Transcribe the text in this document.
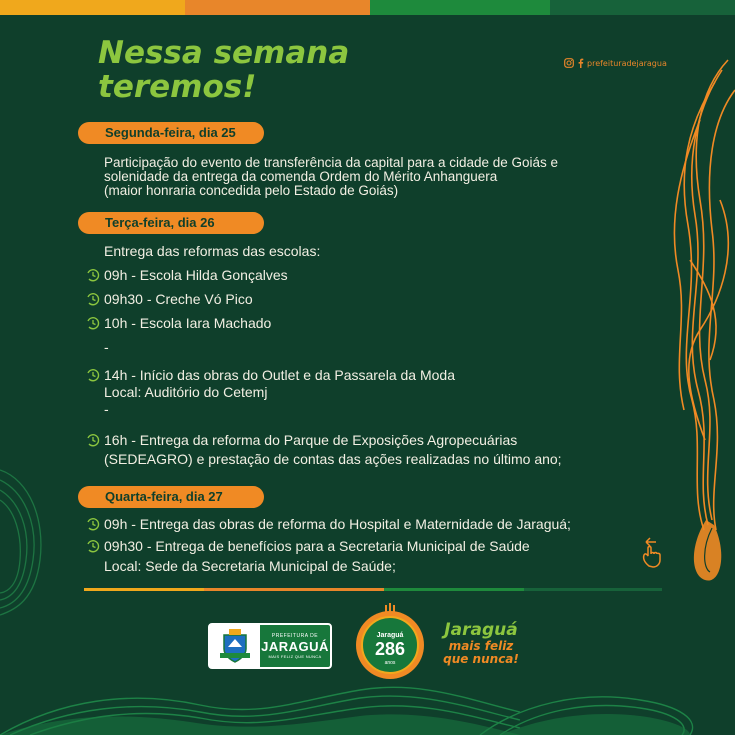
Nessa semana
teremos!
prefeituradejaragua
Segunda-feira, dia 25
Participação do evento de transferência da capital para a cidade de Goiás e
solenidade da entrega da comenda Ordem do Mérito Anhanguera
(maior honraria concedida pelo Estado de Goiás)
Terça-feira, dia 26
Entrega das reformas das escolas:
09h - Escola Hilda Gonçalves
09h30 - Creche Vó Pico
10h - Escola Iara Machado
-
14h - Início das obras do Outlet e da Passarela da Moda
Local: Auditório do Cetemj
-
16h - Entrega da reforma do Parque de Exposições Agropecuárias
(SEDEAGRO) e prestação de contas das ações realizadas no último ano;
Quarta-feira, dia 27
09h - Entrega das obras de reforma do Hospital e Maternidade de Jaraguá;
09h30 - Entrega de benefícios para a Secretaria Municipal de Saúde
Local: Sede da Secretaria Municipal de Saúde;
PREFEITURA DE
JARAGUÁ
MAIS FELIZ QUE NUNCA
Jaraguá
286
anos
Jaraguá
mais feliz
que nunca!
